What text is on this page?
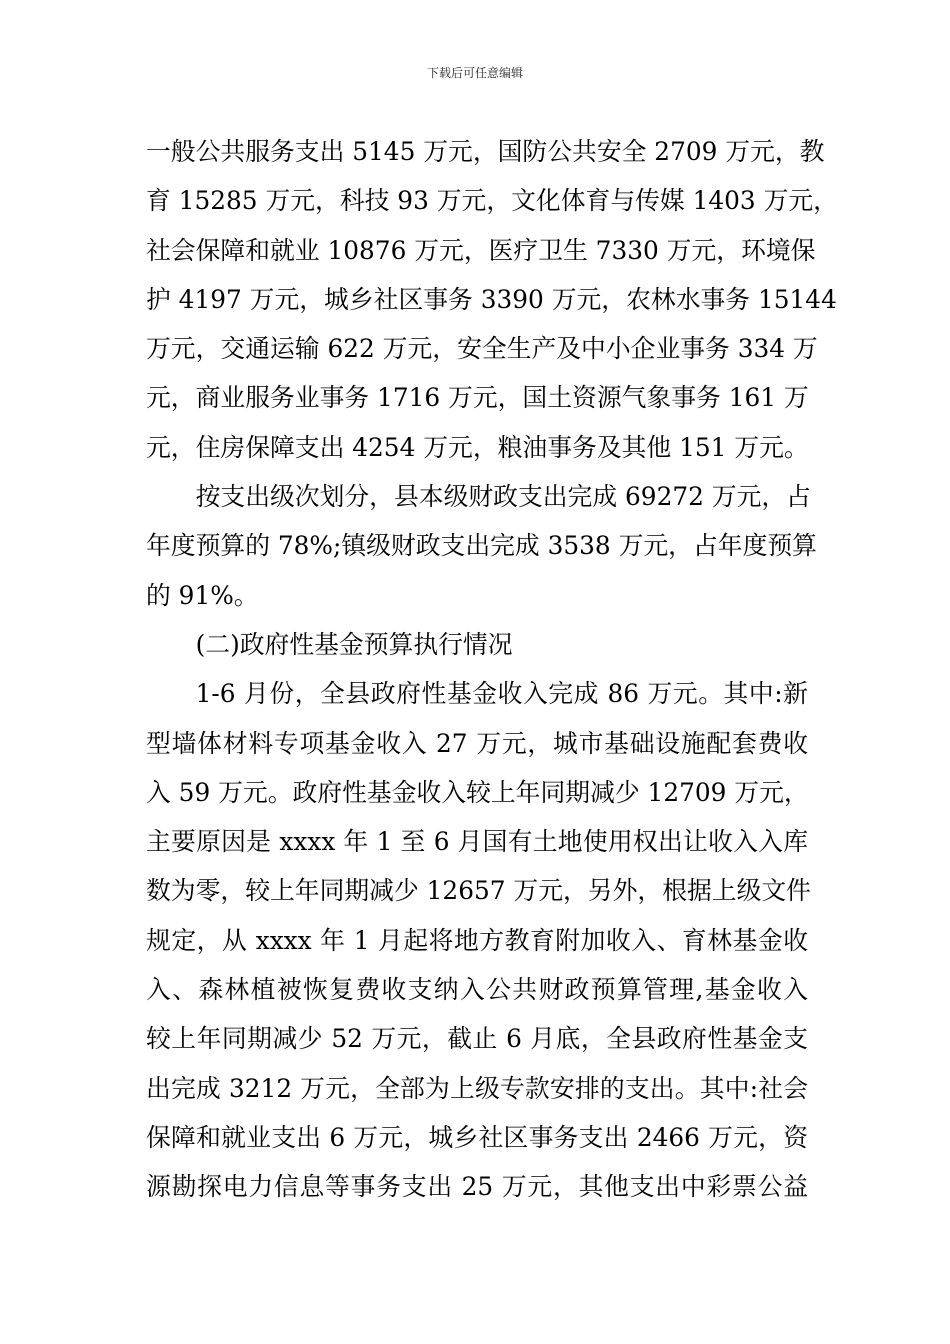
下载后可任意编辑

一般公共服务支出 5145 万元，国防公共安全 2709 万元，教
育 15285 万元，科技 93 万元，文化体育与传媒 1403 万元，
社会保障和就业 10876 万元，医疗卫生 7330 万元，环境保
护 4197 万元，城乡社区事务 3390 万元，农林水事务 15144
万元，交通运输 622 万元，安全生产及中小企业事务 334 万
元，商业服务业事务 1716 万元，国土资源气象事务 161 万
元，住房保障支出 4254 万元，粮油事务及其他 151 万元。

按支出级次划分，县本级财政支出完成 69272 万元，占
年度预算的 78%;镇级财政支出完成 3538 万元，占年度预算
的 91%。

(二)政府性基金预算执行情况

1-6 月份，全县政府性基金收入完成 86 万元。其中:新
型墙体材料专项基金收入 27 万元，城市基础设施配套费收
入 59 万元。政府性基金收入较上年同期减少 12709 万元，
主要原因是 xxxx 年 1 至 6 月国有土地使用权出让收入入库
数为零，较上年同期减少 12657 万元，另外，根据上级文件
规定，从 xxxx 年 1 月起将地方教育附加收入、育林基金收
入、森林植被恢复费收支纳入公共财政预算管理,基金收入
较上年同期减少 52 万元，截止 6 月底，全县政府性基金支
出完成 3212 万元，全部为上级专款安排的支出。其中:社会
保障和就业支出 6 万元，城乡社区事务支出 2466 万元，资
源勘探电力信息等事务支出 25 万元，其他支出中彩票公益
